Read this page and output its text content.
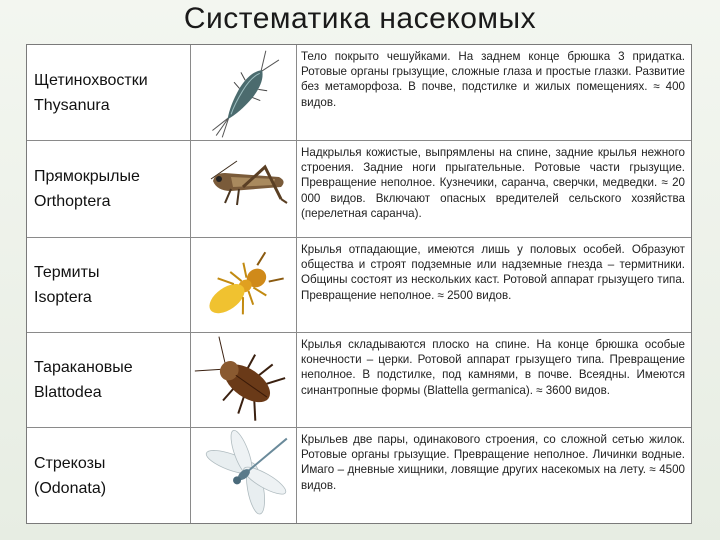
Систематика насекомых
Щетинохвостки
Thysanura
Тело покрыто чешуйками. На заднем конце брюшка 3 придатка. Ротовые органы грызущие, сложные глаза и простые глазки. Развитие без метаморфоза. В почве, подстилке и жилых помещениях. ≈ 400 видов.
Прямокрылые
Orthoptera
Надкрылья кожистые, выпрямлены на спине, задние крылья нежного строения. Задние ноги прыгательные. Ротовые части грызущие. Превращение неполное. Кузнечики, саранча, сверчки, медведки. ≈ 20 000 видов. Включают опасных вредителей сельского хозяйства (перелетная саранча).
Термиты
Isoptera
Крылья отпадающие, имеются лишь у половых особей. Образуют общества и строят подземные или надземные гнезда – термитники. Общины состоят из нескольких каст. Ротовой аппарат грызущего типа. Превращение неполное. ≈ 2500 видов.
Таракановые
Blattodea
Крылья складываются плоско на спине. На конце брюшка особые конечности – церки. Ротовой аппарат грызущего типа. Превращение неполное. В подстилке, под камнями, в почве. Всеядны. Имеются синантропные формы (Blattella germanica). ≈ 3600 видов.
Стрекозы
(Odonata)
Крыльев две пары, одинакового строения, со сложной сетью жилок. Ротовые органы грызущие. Превращение неполное. Личинки водные. Имаго – дневные хищники, ловящие других насекомых на лету. ≈ 4500 видов.
